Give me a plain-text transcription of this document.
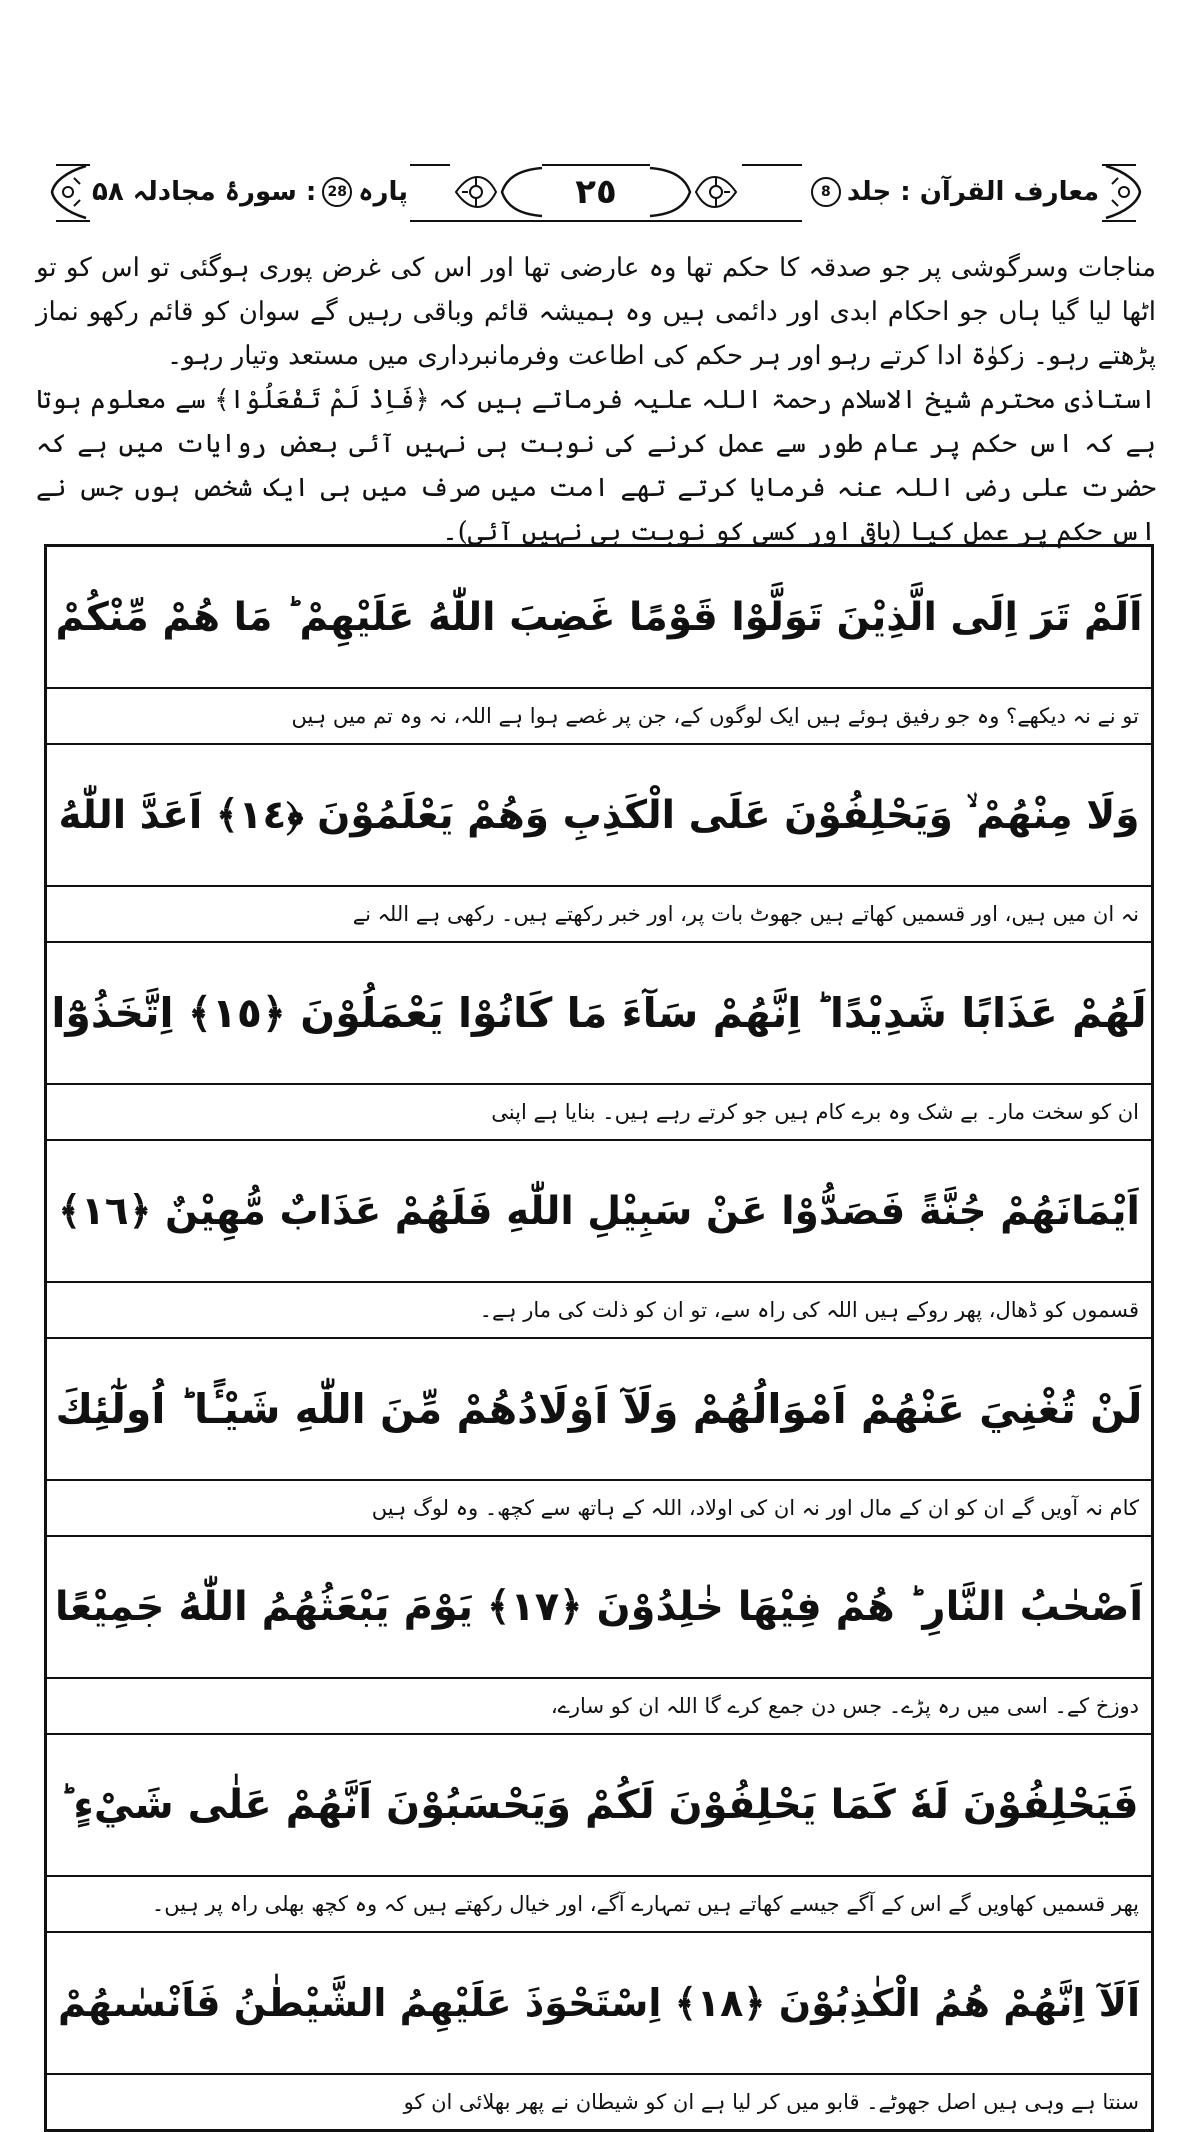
معارف القرآن : جلد
8
٢٥
پارہ
28
: سورۂ مجادلہ ۵۸

مناجات وسرگوشی پر جو صدقہ کا حکم تھا وہ عارضی تھا اور اس کی غرض پوری ہوگئی تو اس کو تو اٹھا لیا گیا ہاں جو احکام ابدی اور دائمی ہیں وہ ہمیشہ قائم وباقی رہیں گے سوان کو قائم رکھو نماز پڑھتے رہو۔ زکوٰۃ ادا کرتے رہو اور ہر حکم کی اطاعت وفرمانبرداری میں مستعد وتیار رہو۔

استاذی محترم شیخ الاسلام رحمۃ اللہ علیہ فرماتے ہیں کہ ﴿فَاِذْ لَمْ تَفْعَلُوْا﴾ سے معلوم ہوتا ہے کہ اس حکم پر عام طور سے عمل کرنے کی نوبت ہی نہیں آئی بعض روایات میں ہے کہ حضرت علی رضی اللہ عنہ فرمایا کرتے تھے امت میں صرف میں ہی ایک شخص ہوں جس نے اس حکم پر عمل کیا (باقی اور کسی کو نوبت ہی نہیں آئی)۔

اَلَمْ تَرَ اِلَى الَّذِيْنَ تَوَلَّوْا قَوْمًا غَضِبَ اللّٰهُ عَلَيْهِمْ ؕ مَا هُمْ مِّنْكُمْ
تو نے نہ دیکھے؟ وہ جو رفیق ہوئے ہیں ایک لوگوں کے، جن پر غصے ہوا ہے اللہ، نہ وہ تم میں ہیں
وَلَا مِنْهُمْ ۙ وَيَحْلِفُوْنَ عَلَى الْكَذِبِ وَهُمْ يَعْلَمُوْنَ ﴿١٤﴾ اَعَدَّ اللّٰهُ
نہ ان میں ہیں، اور قسمیں کھاتے ہیں جھوٹ بات پر، اور خبر رکھتے ہیں۔ رکھی ہے اللہ نے
لَهُمْ عَذَابًا شَدِيْدًا ؕ اِنَّهُمْ سَآءَ مَا كَانُوْا يَعْمَلُوْنَ ﴿١٥﴾ اِتَّخَذُوْٓا
ان کو سخت مار۔ بے شک وہ برے کام ہیں جو کرتے رہے ہیں۔ بنایا ہے اپنی
اَيْمَانَهُمْ جُنَّةً فَصَدُّوْا عَنْ سَبِيْلِ اللّٰهِ فَلَهُمْ عَذَابٌ مُّهِيْنٌ ﴿١٦﴾
قسموں کو ڈھال، پھر روکے ہیں اللہ کی راہ سے، تو ان کو ذلت کی مار ہے۔
لَنْ تُغْنِيَ عَنْهُمْ اَمْوَالُهُمْ وَلَآ اَوْلَادُهُمْ مِّنَ اللّٰهِ شَيْـًٔا ؕ اُولٰٓئِكَ
کام نہ آویں گے ان کو ان کے مال اور نہ ان کی اولاد، اللہ کے ہاتھ سے کچھ۔ وہ لوگ ہیں
اَصْحٰبُ النَّارِ ؕ هُمْ فِيْهَا خٰلِدُوْنَ ﴿١٧﴾ يَوْمَ يَبْعَثُهُمُ اللّٰهُ جَمِيْعًا
دوزخ کے۔ اسی میں رہ پڑے۔ جس دن جمع کرے گا اللہ ان کو سارے،
فَيَحْلِفُوْنَ لَهٗ كَمَا يَحْلِفُوْنَ لَكُمْ وَيَحْسَبُوْنَ اَنَّهُمْ عَلٰى شَيْءٍ ؕ
پھر قسمیں کھاویں گے اس کے آگے جیسے کھاتے ہیں تمہارے آگے، اور خیال رکھتے ہیں کہ وہ کچھ بھلی راہ پر ہیں۔
اَلَآ اِنَّهُمْ هُمُ الْكٰذِبُوْنَ ﴿١٨﴾ اِسْتَحْوَذَ عَلَيْهِمُ الشَّيْطٰنُ فَاَنْسٰىهُمْ
سنتا ہے وہی ہیں اصل جھوٹے۔ قابو میں کر لیا ہے ان کو شیطان نے پھر بھلائی ان کو
